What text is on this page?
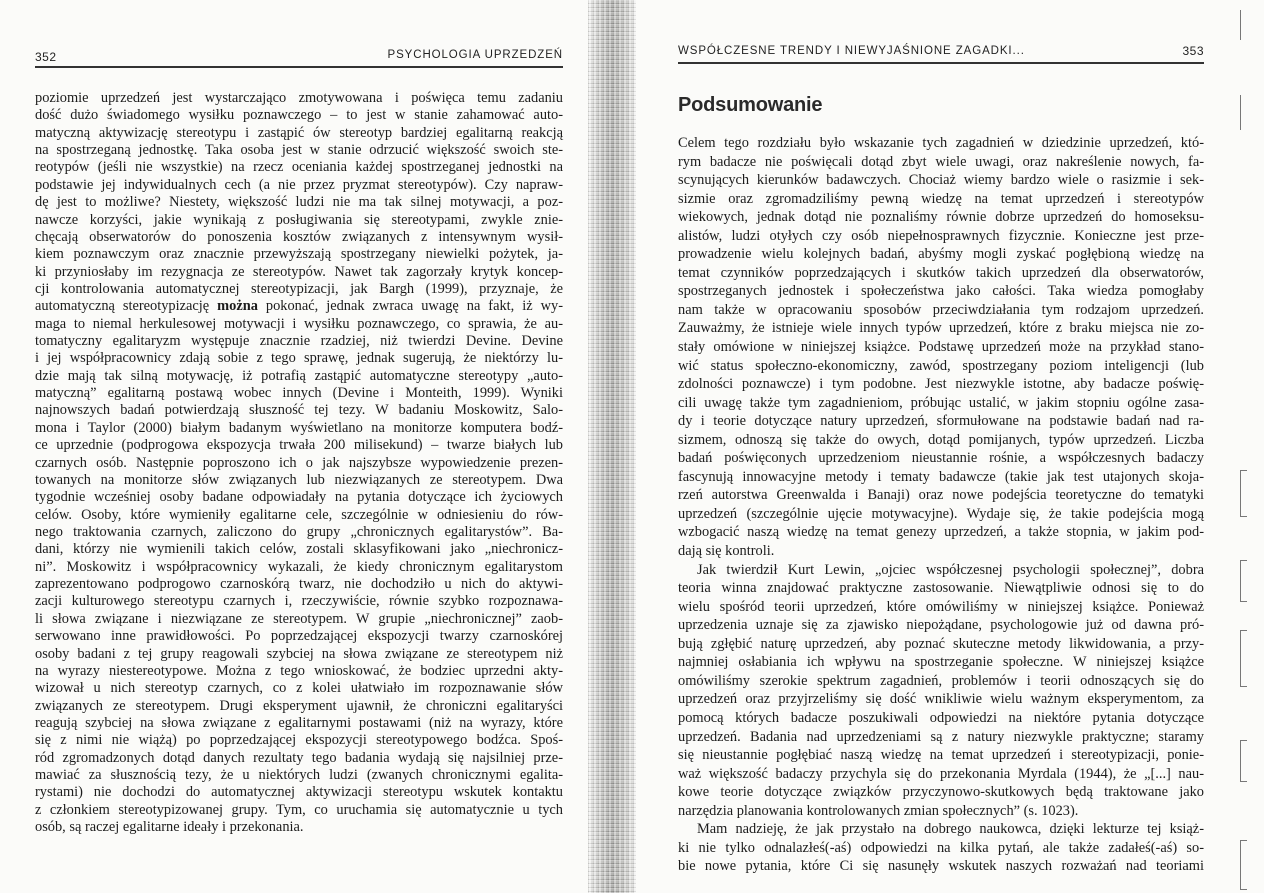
352	PSYCHOLOGIA UPRZEDZEŃ
poziomie uprzedzeń jest wystarczająco zmotywowana i poświęca temu zadaniu
dość dużo świadomego wysiłku poznawczego – to jest w stanie zahamować auto-
matyczną aktywizację stereotypu i zastąpić ów stereotyp bardziej egalitarną reakcją
na spostrzeganą jednostkę. Taka osoba jest w stanie odrzucić większość swoich ste-
reotypów (jeśli nie wszystkie) na rzecz oceniania każdej spostrzeganej jednostki na
podstawie jej indywidualnych cech (a nie przez pryzmat stereotypów). Czy napraw-
dę jest to możliwe? Niestety, większość ludzi nie ma tak silnej motywacji, a poz-
nawcze korzyści, jakie wynikają z posługiwania się stereotypami, zwykle znie-
chęcają obserwatorów do ponoszenia kosztów związanych z intensywnym wysił-
kiem poznawczym oraz znacznie przewyższają spostrzegany niewielki pożytek, ja-
ki przyniosłaby im rezygnacja ze stereotypów. Nawet tak zagorzały krytyk koncep-
cji kontrolowania automatycznej stereotypizacji, jak Bargh (1999), przyznaje, że
automatyczną stereotypizację można pokonać, jednak zwraca uwagę na fakt, iż wy-
maga to niemal herkulesowej motywacji i wysiłku poznawczego, co sprawia, że au-
tomatyczny egalitaryzm występuje znacznie rzadziej, niż twierdzi Devine. Devine
i jej współpracownicy zdają sobie z tego sprawę, jednak sugerują, że niektórzy lu-
dzie mają tak silną motywację, iż potrafią zastąpić automatyczne stereotypy „auto-
matyczną” egalitarną postawą wobec innych (Devine i Monteith, 1999). Wyniki
najnowszych badań potwierdzają słuszność tej tezy. W badaniu Moskowitz, Salo-
mona i Taylor (2000) białym badanym wyświetlano na monitorze komputera bodź-
ce uprzednie (podprogowa ekspozycja trwała 200 milisekund) – twarze białych lub
czarnych osób. Następnie poproszono ich o jak najszybsze wypowiedzenie prezen-
towanych na monitorze słów związanych lub niezwiązanych ze stereotypem. Dwa
tygodnie wcześniej osoby badane odpowiadały na pytania dotyczące ich życiowych
celów. Osoby, które wymieniły egalitarne cele, szczególnie w odniesieniu do rów-
nego traktowania czarnych, zaliczono do grupy „chronicznych egalitarystów”. Ba-
dani, którzy nie wymienili takich celów, zostali sklasyfikowani jako „niechronicz-
ni”. Moskowitz i współpracownicy wykazali, że kiedy chronicznym egalitarystom
zaprezentowano podprogowo czarnoskórą twarz, nie dochodziło u nich do aktywi-
zacji kulturowego stereotypu czarnych i, rzeczywiście, równie szybko rozpoznawa-
li słowa związane i niezwiązane ze stereotypem. W grupie „niechronicznej” zaob-
serwowano inne prawidłowości. Po poprzedzającej ekspozycji twarzy czarnoskórej
osoby badani z tej grupy reagowali szybciej na słowa związane ze stereotypem niż
na wyrazy niestereotypowe. Można z tego wnioskować, że bodziec uprzedni akty-
wizował u nich stereotyp czarnych, co z kolei ułatwiało im rozpoznawanie słów
związanych ze stereotypem. Drugi eksperyment ujawnił, że chroniczni egalitaryści
reagują szybciej na słowa związane z egalitarnymi postawami (niż na wyrazy, które
się z nimi nie wiążą) po poprzedzającej ekspozycji stereotypowego bodźca. Spoś-
ród zgromadzonych dotąd danych rezultaty tego badania wydają się najsilniej prze-
mawiać za słusznością tezy, że u niektórych ludzi (zwanych chronicznymi egalita-
rystami) nie dochodzi do automatycznej aktywizacji stereotypu wskutek kontaktu
z członkiem stereotypizowanej grupy. Tym, co uruchamia się automatycznie u tych
osób, są raczej egalitarne ideały i przekonania.
WSPÓŁCZESNE TRENDY I NIEWYJAŚNIONE ZAGADKI...	353
Podsumowanie
Celem tego rozdziału było wskazanie tych zagadnień w dziedzinie uprzedzeń, któ-
rym badacze nie poświęcali dotąd zbyt wiele uwagi, oraz nakreślenie nowych, fa-
scynujących kierunków badawczych. Chociaż wiemy bardzo wiele o rasizmie i sek-
sizmie oraz zgromadziliśmy pewną wiedzę na temat uprzedzeń i stereotypów
wiekowych, jednak dotąd nie poznaliśmy równie dobrze uprzedzeń do homoseksu-
alistów, ludzi otyłych czy osób niepełnosprawnych fizycznie. Konieczne jest prze-
prowadzenie wielu kolejnych badań, abyśmy mogli zyskać pogłębioną wiedzę na
temat czynników poprzedzających i skutków takich uprzedzeń dla obserwatorów,
spostrzeganych jednostek i społeczeństwa jako całości. Taka wiedza pomogłaby
nam także w opracowaniu sposobów przeciwdziałania tym rodzajom uprzedzeń.
Zauważmy, że istnieje wiele innych typów uprzedzeń, które z braku miejsca nie zo-
stały omówione w niniejszej książce. Podstawę uprzedzeń może na przykład stano-
wić status społeczno-ekonomiczny, zawód, spostrzegany poziom inteligencji (lub
zdolności poznawcze) i tym podobne. Jest niezwykle istotne, aby badacze poświę-
cili uwagę także tym zagadnieniom, próbując ustalić, w jakim stopniu ogólne zasa-
dy i teorie dotyczące natury uprzedzeń, sformułowane na podstawie badań nad ra-
sizmem, odnoszą się także do owych, dotąd pomijanych, typów uprzedzeń. Liczba
badań poświęconych uprzedzeniom nieustannie rośnie, a współczesnych badaczy
fascynują innowacyjne metody i tematy badawcze (takie jak test utajonych skoja-
rzeń autorstwa Greenwalda i Banaji) oraz nowe podejścia teoretyczne do tematyki
uprzedzeń (szczególnie ujęcie motywacyjne). Wydaje się, że takie podejścia mogą
wzbogacić naszą wiedzę na temat genezy uprzedzeń, a także stopnia, w jakim pod-
dają się kontroli.
Jak twierdził Kurt Lewin, „ojciec współczesnej psychologii społecznej”, dobra
teoria winna znajdować praktyczne zastosowanie. Niewątpliwie odnosi się to do
wielu spośród teorii uprzedzeń, które omówiliśmy w niniejszej książce. Ponieważ
uprzedzenia uznaje się za zjawisko niepożądane, psychologowie już od dawna pró-
bują zgłębić naturę uprzedzeń, aby poznać skuteczne metody likwidowania, a przy-
najmniej osłabiania ich wpływu na spostrzeganie społeczne. W niniejszej książce
omówiliśmy szerokie spektrum zagadnień, problemów i teorii odnoszących się do
uprzedzeń oraz przyjrzeliśmy się dość wnikliwie wielu ważnym eksperymentom, za
pomocą których badacze poszukiwali odpowiedzi na niektóre pytania dotyczące
uprzedzeń. Badania nad uprzedzeniami są z natury niezwykle praktyczne; staramy
się nieustannie pogłębiać naszą wiedzę na temat uprzedzeń i stereotypizacji, ponie-
waż większość badaczy przychyla się do przekonania Myrdala (1944), że „[...] nau-
kowe teorie dotyczące związków przyczynowo-skutkowych będą traktowane jako
narzędzia planowania kontrolowanych zmian społecznych” (s. 1023).
Mam nadzieję, że jak przystało na dobrego naukowca, dzięki lekturze tej książ-
ki nie tylko odnalazłeś(-aś) odpowiedzi na kilka pytań, ale także zadałeś(-aś) so-
bie nowe pytania, które Ci się nasunęły wskutek naszych rozważań nad teoriami
